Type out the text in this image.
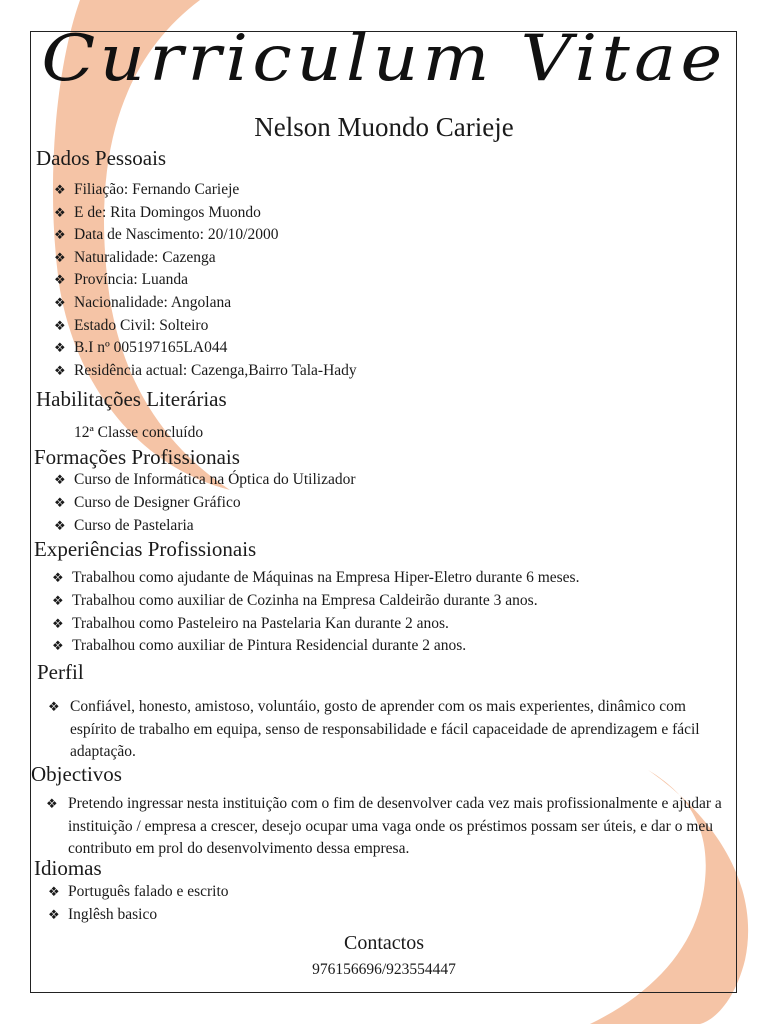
Curriculum Vitae
Nelson Muondo Carieje
Dados Pessoais
❖ Filiação: Fernando Carieje
❖ E de: Rita Domingos Muondo
❖ Data de Nascimento: 20/10/2000
❖ Naturalidade: Cazenga
❖ Província: Luanda
❖ Nacionalidade: Angolana
❖ Estado Civil: Solteiro
❖ B.I nº 005197165LA044
❖ Residência actual: Cazenga,Bairro Tala-Hady
Habilitações Literárias
12ª Classe concluído
Formações Profissionais
❖ Curso de Informática na Óptica do Utilizador
❖ Curso de Designer Gráfico
❖ Curso de Pastelaria
Experiências Profissionais
❖ Trabalhou como ajudante de Máquinas na Empresa Hiper-Eletro durante 6 meses.
❖ Trabalhou como auxiliar de Cozinha na Empresa Caldeirão durante 3 anos.
❖ Trabalhou como Pasteleiro na Pastelaria Kan durante 2 anos.
❖ Trabalhou como auxiliar de Pintura Residencial durante 2 anos.
Perfil
❖ Confiável, honesto, amistoso, voluntáio, gosto de aprender com os mais experientes, dinâmico com espírito de trabalho em equipa, senso de responsabilidade e fácil capaceidade de aprendizagem e fácil adaptação.
Objectivos
❖ Pretendo ingressar nesta instituição com o fim de desenvolver cada vez mais profissionalmente e ajudar a instituição / empresa a crescer, desejo ocupar uma vaga onde os préstimos possam ser úteis, e dar o meu contributo em prol do desenvolvimento dessa empresa.
Idiomas
❖ Português falado e escrito
❖ Inglêsh basico
Contactos
976156696/923554447
